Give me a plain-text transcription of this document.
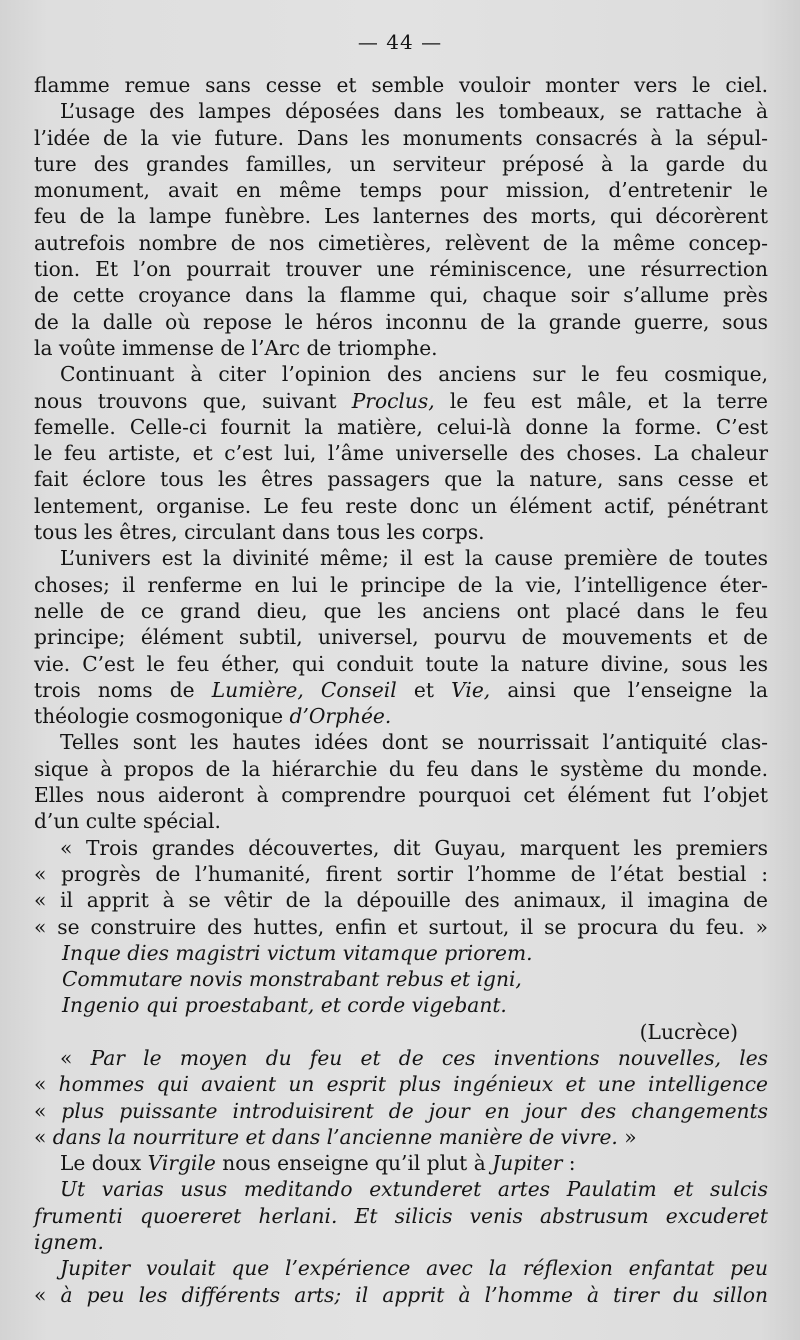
— 44 —
flamme remue sans cesse et semble vouloir monter vers le ciel.
L’usage des lampes déposées dans les tombeaux, se rattache à
l’idée de la vie future. Dans les monuments consacrés à la sépul-
ture des grandes familles, un serviteur préposé à la garde du
monument, avait en même temps pour mission, d’entretenir le
feu de la lampe funèbre. Les lanternes des morts, qui décorèrent
autrefois nombre de nos cimetières, relèvent de la même concep-
tion. Et l’on pourrait trouver une réminiscence, une résurrection
de cette croyance dans la flamme qui, chaque soir s’allume près
de la dalle où repose le héros inconnu de la grande guerre, sous
la voûte immense de l’Arc de triomphe.
Continuant à citer l’opinion des anciens sur le feu cosmique,
nous trouvons que, suivant Proclus, le feu est mâle, et la terre
femelle. Celle-ci fournit la matière, celui-là donne la forme. C’est
le feu artiste, et c’est lui, l’âme universelle des choses. La chaleur
fait éclore tous les êtres passagers que la nature, sans cesse et
lentement, organise. Le feu reste donc un élément actif, pénétrant
tous les êtres, circulant dans tous les corps.
L’univers est la divinité même; il est la cause première de toutes
choses; il renferme en lui le principe de la vie, l’intelligence éter-
nelle de ce grand dieu, que les anciens ont placé dans le feu
principe; élément subtil, universel, pourvu de mouvements et de
vie. C’est le feu éther, qui conduit toute la nature divine, sous les
trois noms de Lumière, Conseil et Vie, ainsi que l’enseigne la
théologie cosmogonique d’Orphée.
Telles sont les hautes idées dont se nourrissait l’antiquité clas-
sique à propos de la hiérarchie du feu dans le système du monde.
Elles nous aideront à comprendre pourquoi cet élément fut l’objet
d’un culte spécial.
« Trois grandes découvertes, dit Guyau, marquent les premiers
« progrès de l’humanité, firent sortir l’homme de l’état bestial :
« il apprit à se vêtir de la dépouille des animaux, il imagina de
« se construire des huttes, enfin et surtout, il se procura du feu. »
Inque dies magistri victum vitamque priorem.
Commutare novis monstrabant rebus et igni,
Ingenio qui proestabant, et corde vigebant.
(Lucrèce)
« Par le moyen du feu et de ces inventions nouvelles, les
« hommes qui avaient un esprit plus ingénieux et une intelligence
« plus puissante introduisirent de jour en jour des changements
« dans la nourriture et dans l’ancienne manière de vivre. »
Le doux Virgile nous enseigne qu’il plut à Jupiter :
Ut varias usus meditando extunderet artes Paulatim et sulcis
frumenti quoereret herlani. Et silicis venis abstrusum excuderet
ignem.
Jupiter voulait que l’expérience avec la réflexion enfantat peu
« à peu les différents arts; il apprit à l’homme à tirer du sillon
